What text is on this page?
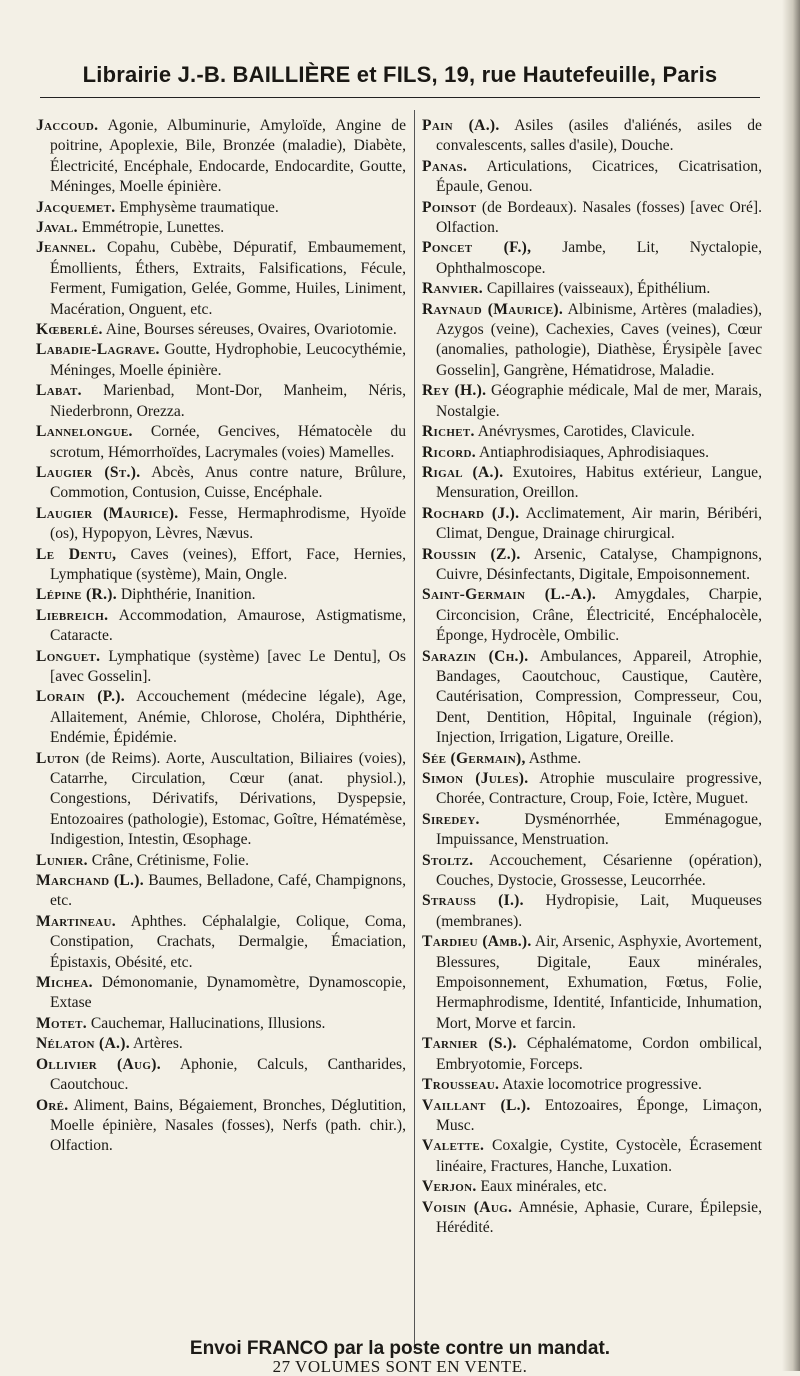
Librairie J.-B. BAILLIÈRE et FILS, 19, rue Hautefeuille, Paris

Jaccoud. Agonie, Albuminurie, Amyloïde, Angine de poitrine, Apoplexie, Bile, Bronzée (maladie), Diabète, Électricité, Encéphale, Endocarde, Endocardite, Goutte, Méninges, Moelle épinière.

Jacquemet. Emphysème traumatique.

Javal. Emmétropie, Lunettes.

Jeannel. Copahu, Cubèbe, Dépuratif, Embaumement, Émollients, Éthers, Extraits, Falsifications, Fécule, Ferment, Fumigation, Gelée, Gomme, Huiles, Liniment, Macération, Onguent, etc.

Kœberlé. Aine, Bourses séreuses, Ovaires, Ovariotomie.

Labadie-Lagrave. Goutte, Hydrophobie, Leucocythémie, Méninges, Moelle épinière.

Labat. Marienbad, Mont-Dor, Manheim, Néris, Niederbronn, Orezza.

Lannelongue. Cornée, Gencives, Hématocèle du scrotum, Hémorrhoïdes, Lacrymales (voies) Mamelles.

Laugier (St.). Abcès, Anus contre nature, Brûlure, Commotion, Contusion, Cuisse, Encéphale.

Laugier (Maurice). Fesse, Hermaphrodisme, Hyoïde (os), Hypopyon, Lèvres, Nævus.

Le Dentu, Caves (veines), Effort, Face, Hernies, Lymphatique (système), Main, Ongle.

Lépine (R.). Diphthérie, Inanition.

Liebreich. Accommodation, Amaurose, Astigmatisme, Cataracte.

Longuet. Lymphatique (système) [avec Le Dentu], Os [avec Gosselin].

Lorain (P.). Accouchement (médecine légale), Age, Allaitement, Anémie, Chlorose, Choléra, Diphthérie, Endémie, Épidémie.

Luton (de Reims). Aorte, Auscultation, Biliaires (voies), Catarrhe, Circulation, Cœur (anat. physiol.), Congestions, Dérivatifs, Dérivations, Dyspepsie, Entozoaires (pathologie), Estomac, Goître, Hématémèse, Indigestion, Intestin, Œsophage.

Lunier. Crâne, Crétinisme, Folie.

Marchand (L.). Baumes, Belladone, Café, Champignons, etc.

Martineau. Aphthes. Céphalalgie, Colique, Coma, Constipation, Crachats, Dermalgie, Émaciation, Épistaxis, Obésité, etc.

Michea. Démonomanie, Dynamomètre, Dynamoscopie, Extase

Motet. Cauchemar, Hallucinations, Illusions.

Nélaton (A.). Artères.

Ollivier (Aug). Aphonie, Calculs, Cantharides, Caoutchouc.

Oré. Aliment, Bains, Bégaiement, Bronches, Déglutition, Moelle épinière, Nasales (fosses), Nerfs (path. chir.), Olfaction.

Pain (A.). Asiles (asiles d'aliénés, asiles de convalescents, salles d'asile), Douche.

Panas. Articulations, Cicatrices, Cicatrisation, Épaule, Genou.

Poinsot (de Bordeaux). Nasales (fosses) [avec Oré]. Olfaction.

Poncet (F.), Jambe, Lit, Nyctalopie, Ophthalmoscope.

Ranvier. Capillaires (vaisseaux), Épithélium.

Raynaud (Maurice). Albinisme, Artères (maladies), Azygos (veine), Cachexies, Caves (veines), Cœur (anomalies, pathologie), Diathèse, Érysipèle [avec Gosselin], Gangrène, Hématidrose, Maladie.

Rey (H.). Géographie médicale, Mal de mer, Marais, Nostalgie.

Richet. Anévrysmes, Carotides, Clavicule.

Ricord. Antiaphrodisiaques, Aphrodisiaques.

Rigal (A.). Exutoires, Habitus extérieur, Langue, Mensuration, Oreillon.

Rochard (J.). Acclimatement, Air marin, Béribéri, Climat, Dengue, Drainage chirurgical.

Roussin (Z.). Arsenic, Catalyse, Champignons, Cuivre, Désinfectants, Digitale, Empoisonnement.

Saint-Germain (L.-A.). Amygdales, Charpie, Circoncision, Crâne, Électricité, Encéphalocèle, Éponge, Hydrocèle, Ombilic.

Sarazin (Ch.). Ambulances, Appareil, Atrophie, Bandages, Caoutchouc, Caustique, Cautère, Cautérisation, Compression, Compresseur, Cou, Dent, Dentition, Hôpital, Inguinale (région), Injection, Irrigation, Ligature, Oreille.

Sée (Germain), Asthme.

Simon (Jules). Atrophie musculaire progressive, Chorée, Contracture, Croup, Foie, Ictère, Muguet.

Siredey.	Dysménorrhée, Emménagogue, Impuissance, Menstruation.

Stoltz. Accouchement, Césarienne (opération), Couches, Dystocie, Grossesse, Leucorrhée.

Strauss (I.). Hydropisie, Lait, Muqueuses (membranes).

Tardieu (Amb.). Air, Arsenic, Asphyxie, Avortement, Blessures, Digitale, Eaux minérales, Empoisonnement, Exhumation, Fœtus, Folie, Hermaphrodisme, Identité, Infanticide, Inhumation, Mort, Morve et farcin.

Tarnier (S.). Céphalématome, Cordon ombilical, Embryotomie, Forceps.

Trousseau. Ataxie locomotrice progressive.

Vaillant (L.). Entozoaires, Éponge, Limaçon, Musc.

Valette. Coxalgie, Cystite, Cystocèle, Écrasement linéaire, Fractures, Hanche, Luxation.

Verjon. Eaux minérales, etc.

Voisin (Aug. Amnésie, Aphasie, Curare, Épilepsie, Hérédité.

Envoi FRANCO par la poste contre un mandat.
27 VOLUMES SONT EN VENTE.
